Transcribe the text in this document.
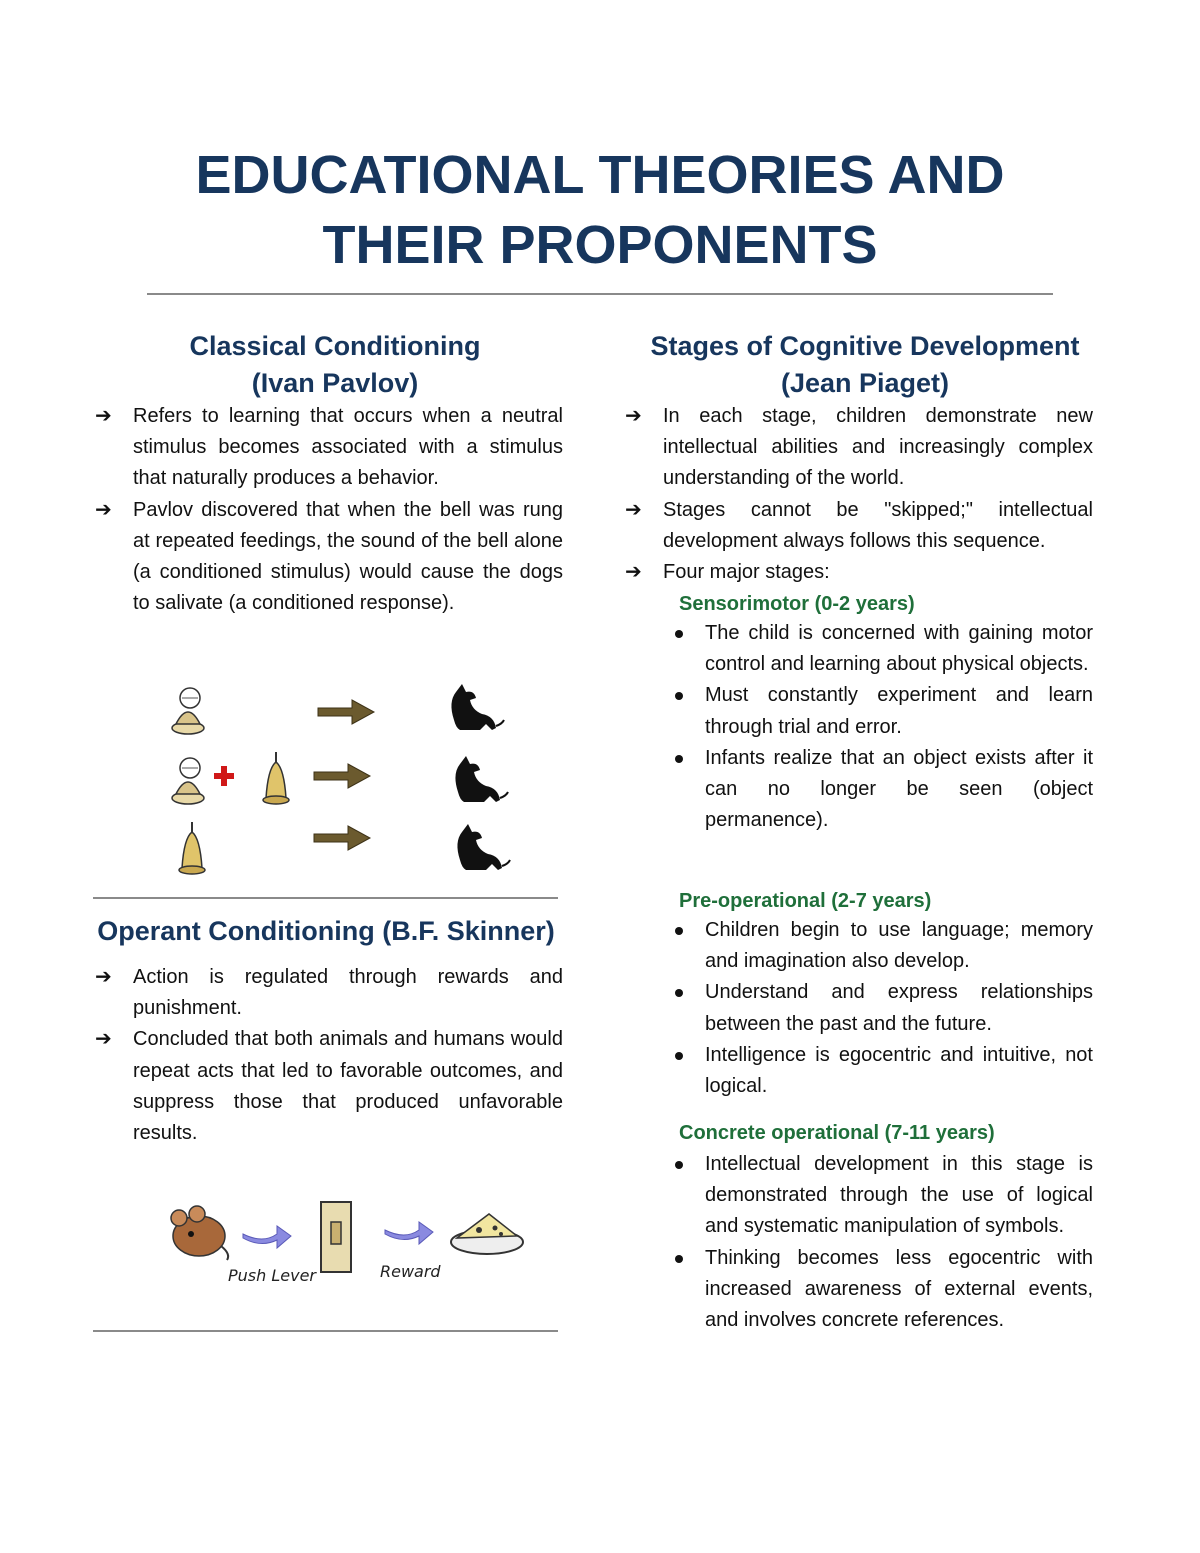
EDUCATIONAL THEORIES AND
THEIR PROPONENTS
Classical Conditioning
(Ivan Pavlov)
➔	Refers to learning that occurs when a neutral stimulus becomes associated with a stimulus that naturally produces a behavior.
➔	Pavlov discovered that when the bell was rung at repeated feedings, the sound of the bell alone (a conditioned stimulus) would cause the dogs to salivate (a conditioned response).
Operant Conditioning (B.F. Skinner)
➔	Action is regulated through rewards and punishment.
➔	Concluded that both animals and humans would repeat acts that led to favorable outcomes, and suppress those that produced unfavorable results.
Push Lever	Reward
Stages of Cognitive Development
(Jean Piaget)
➔	In each stage, children demonstrate new intellectual abilities and increasingly complex understanding of the world.
➔	Stages cannot be "skipped;" intellectual development always follows this sequence.
➔	Four major stages:
Sensorimotor (0-2 years)
The child is concerned with gaining motor control and learning about physical objects.
Must constantly experiment and learn through trial and error.
Infants realize that an object exists after it can no longer be seen (object permanence).
Pre-operational (2-7 years)
Children begin to use language; memory and imagination also develop.
Understand and express relationships between the past and the future.
Intelligence is egocentric and intuitive, not logical.
Concrete operational (7-11 years)
Intellectual development in this stage is demonstrated through the use of logical and systematic manipulation of symbols.
Thinking becomes less egocentric with increased awareness of external events, and involves concrete references.
